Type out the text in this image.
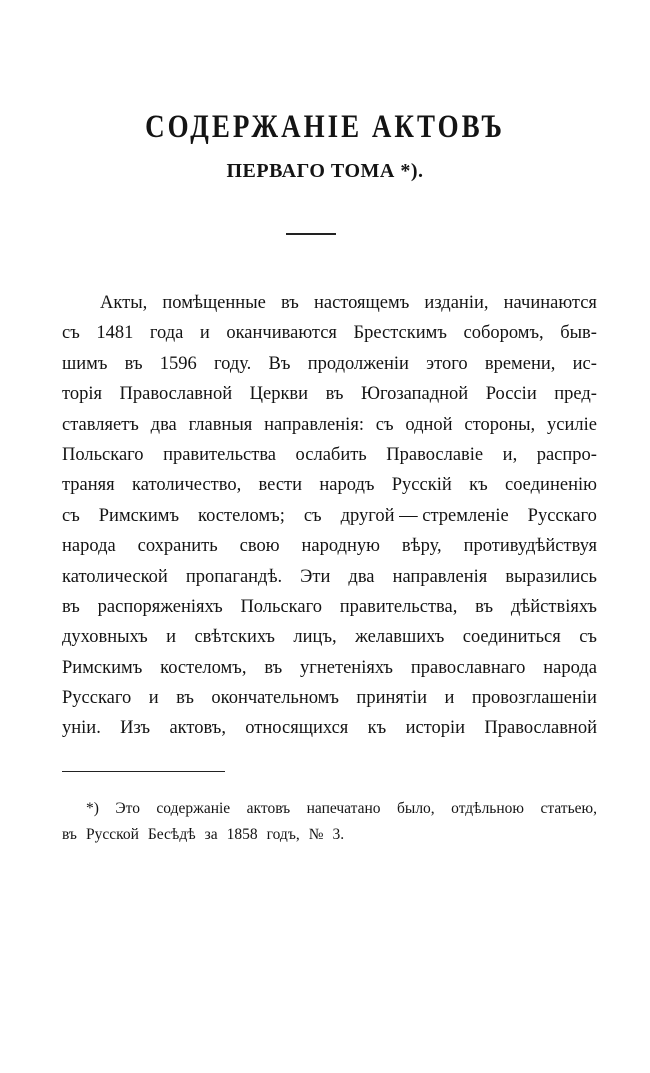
СОДЕРЖАНІЕ АКТОВЪ
ПЕРВАГО ТОМА *).
Акты, помѣщенные въ настоящемъ изданіи, начинаются
съ 1481 года и оканчиваются Брестскимъ соборомъ, быв-
шимъ въ 1596 году. Въ продолженіи этого времени, ис-
торія Православной Церкви въ Югозападной Россіи пред-
ставляетъ два главныя направленія: съ одной стороны, усиліе
Польскаго правительства ослабить Православіе и, распро-
траняя католичество, вести народъ Русскій къ соединенію
съ Римскимъ костеломъ; съ другой — стремленіе Русскаго
народа сохранить свою народную вѣру, противудѣйствуя
католической пропагандѣ. Эти два направленія выразились
въ распоряженіяхъ Польскаго правительства, въ дѣйствіяхъ
духовныхъ и свѣтскихъ лицъ, желавшихъ соединиться съ
Римскимъ костеломъ, въ угнетеніяхъ православнаго народа
Русскаго и въ окончательномъ принятіи и провозглашеніи
уніи. Изъ актовъ, относящихся къ исторіи Православной
*) Это содержаніе актовъ напечатано было, отдѣльною статьею,
въ Русской Бесѣдѣ за 1858 годъ, № 3.
